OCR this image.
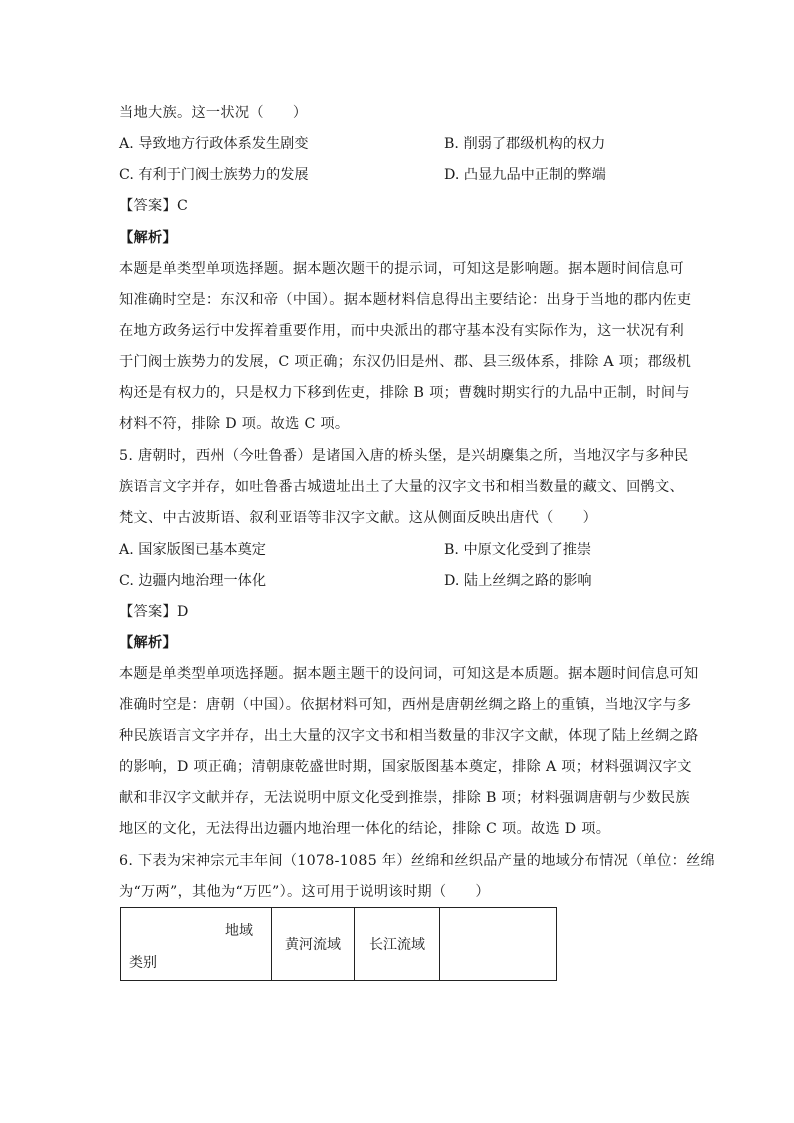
当地大族。这一状况（　　）
A. 导致地方行政体系发生剧变	B. 削弱了郡级机构的权力
C. 有利于门阀士族势力的发展	D. 凸显九品中正制的弊端
【答案】C
【解析】
本题是单类型单项选择题。据本题次题干的提示词，可知这是影响题。据本题时间信息可
知准确时空是：东汉和帝（中国）。据本题材料信息得出主要结论：出身于当地的郡内佐吏
在地方政务运行中发挥着重要作用，而中央派出的郡守基本没有实际作为，这一状况有利
于门阀士族势力的发展，C 项正确；东汉仍旧是州、郡、县三级体系，排除 A 项；郡级机
构还是有权力的，只是权力下移到佐吏，排除 B 项；曹魏时期实行的九品中正制，时间与
材料不符，排除 D 项。故选 C 项。
5. 唐朝时，西州（今吐鲁番）是诸国入唐的桥头堡，是兴胡麇集之所，当地汉字与多种民
族语言文字并存，如吐鲁番古城遗址出土了大量的汉字文书和相当数量的藏文、回鹘文、
梵文、中古波斯语、叙利亚语等非汉字文献。这从侧面反映出唐代（　　）
A. 国家版图已基本奠定	B. 中原文化受到了推崇
C. 边疆内地治理一体化	D. 陆上丝绸之路的影响
【答案】D
【解析】
本题是单类型单项选择题。据本题主题干的设问词，可知这是本质题。据本题时间信息可知
准确时空是：唐朝（中国）。依据材料可知，西州是唐朝丝绸之路上的重镇，当地汉字与多
种民族语言文字并存，出土大量的汉字文书和相当数量的非汉字文献，体现了陆上丝绸之路
的影响，D 项正确；清朝康乾盛世时期，国家版图基本奠定，排除 A 项；材料强调汉字文
献和非汉字文献并存，无法说明中原文化受到推崇，排除 B 项；材料强调唐朝与少数民族
地区的文化，无法得出边疆内地治理一体化的结论，排除 C 项。故选 D 项。
6. 下表为宋神宗元丰年间（1078-1085 年）丝绵和丝织品产量的地域分布情况（单位：丝绵
为“万两”，其他为“万匹”）。这可用于说明该时期（　　）
地域
类别
	黄河流域	长江流域	
